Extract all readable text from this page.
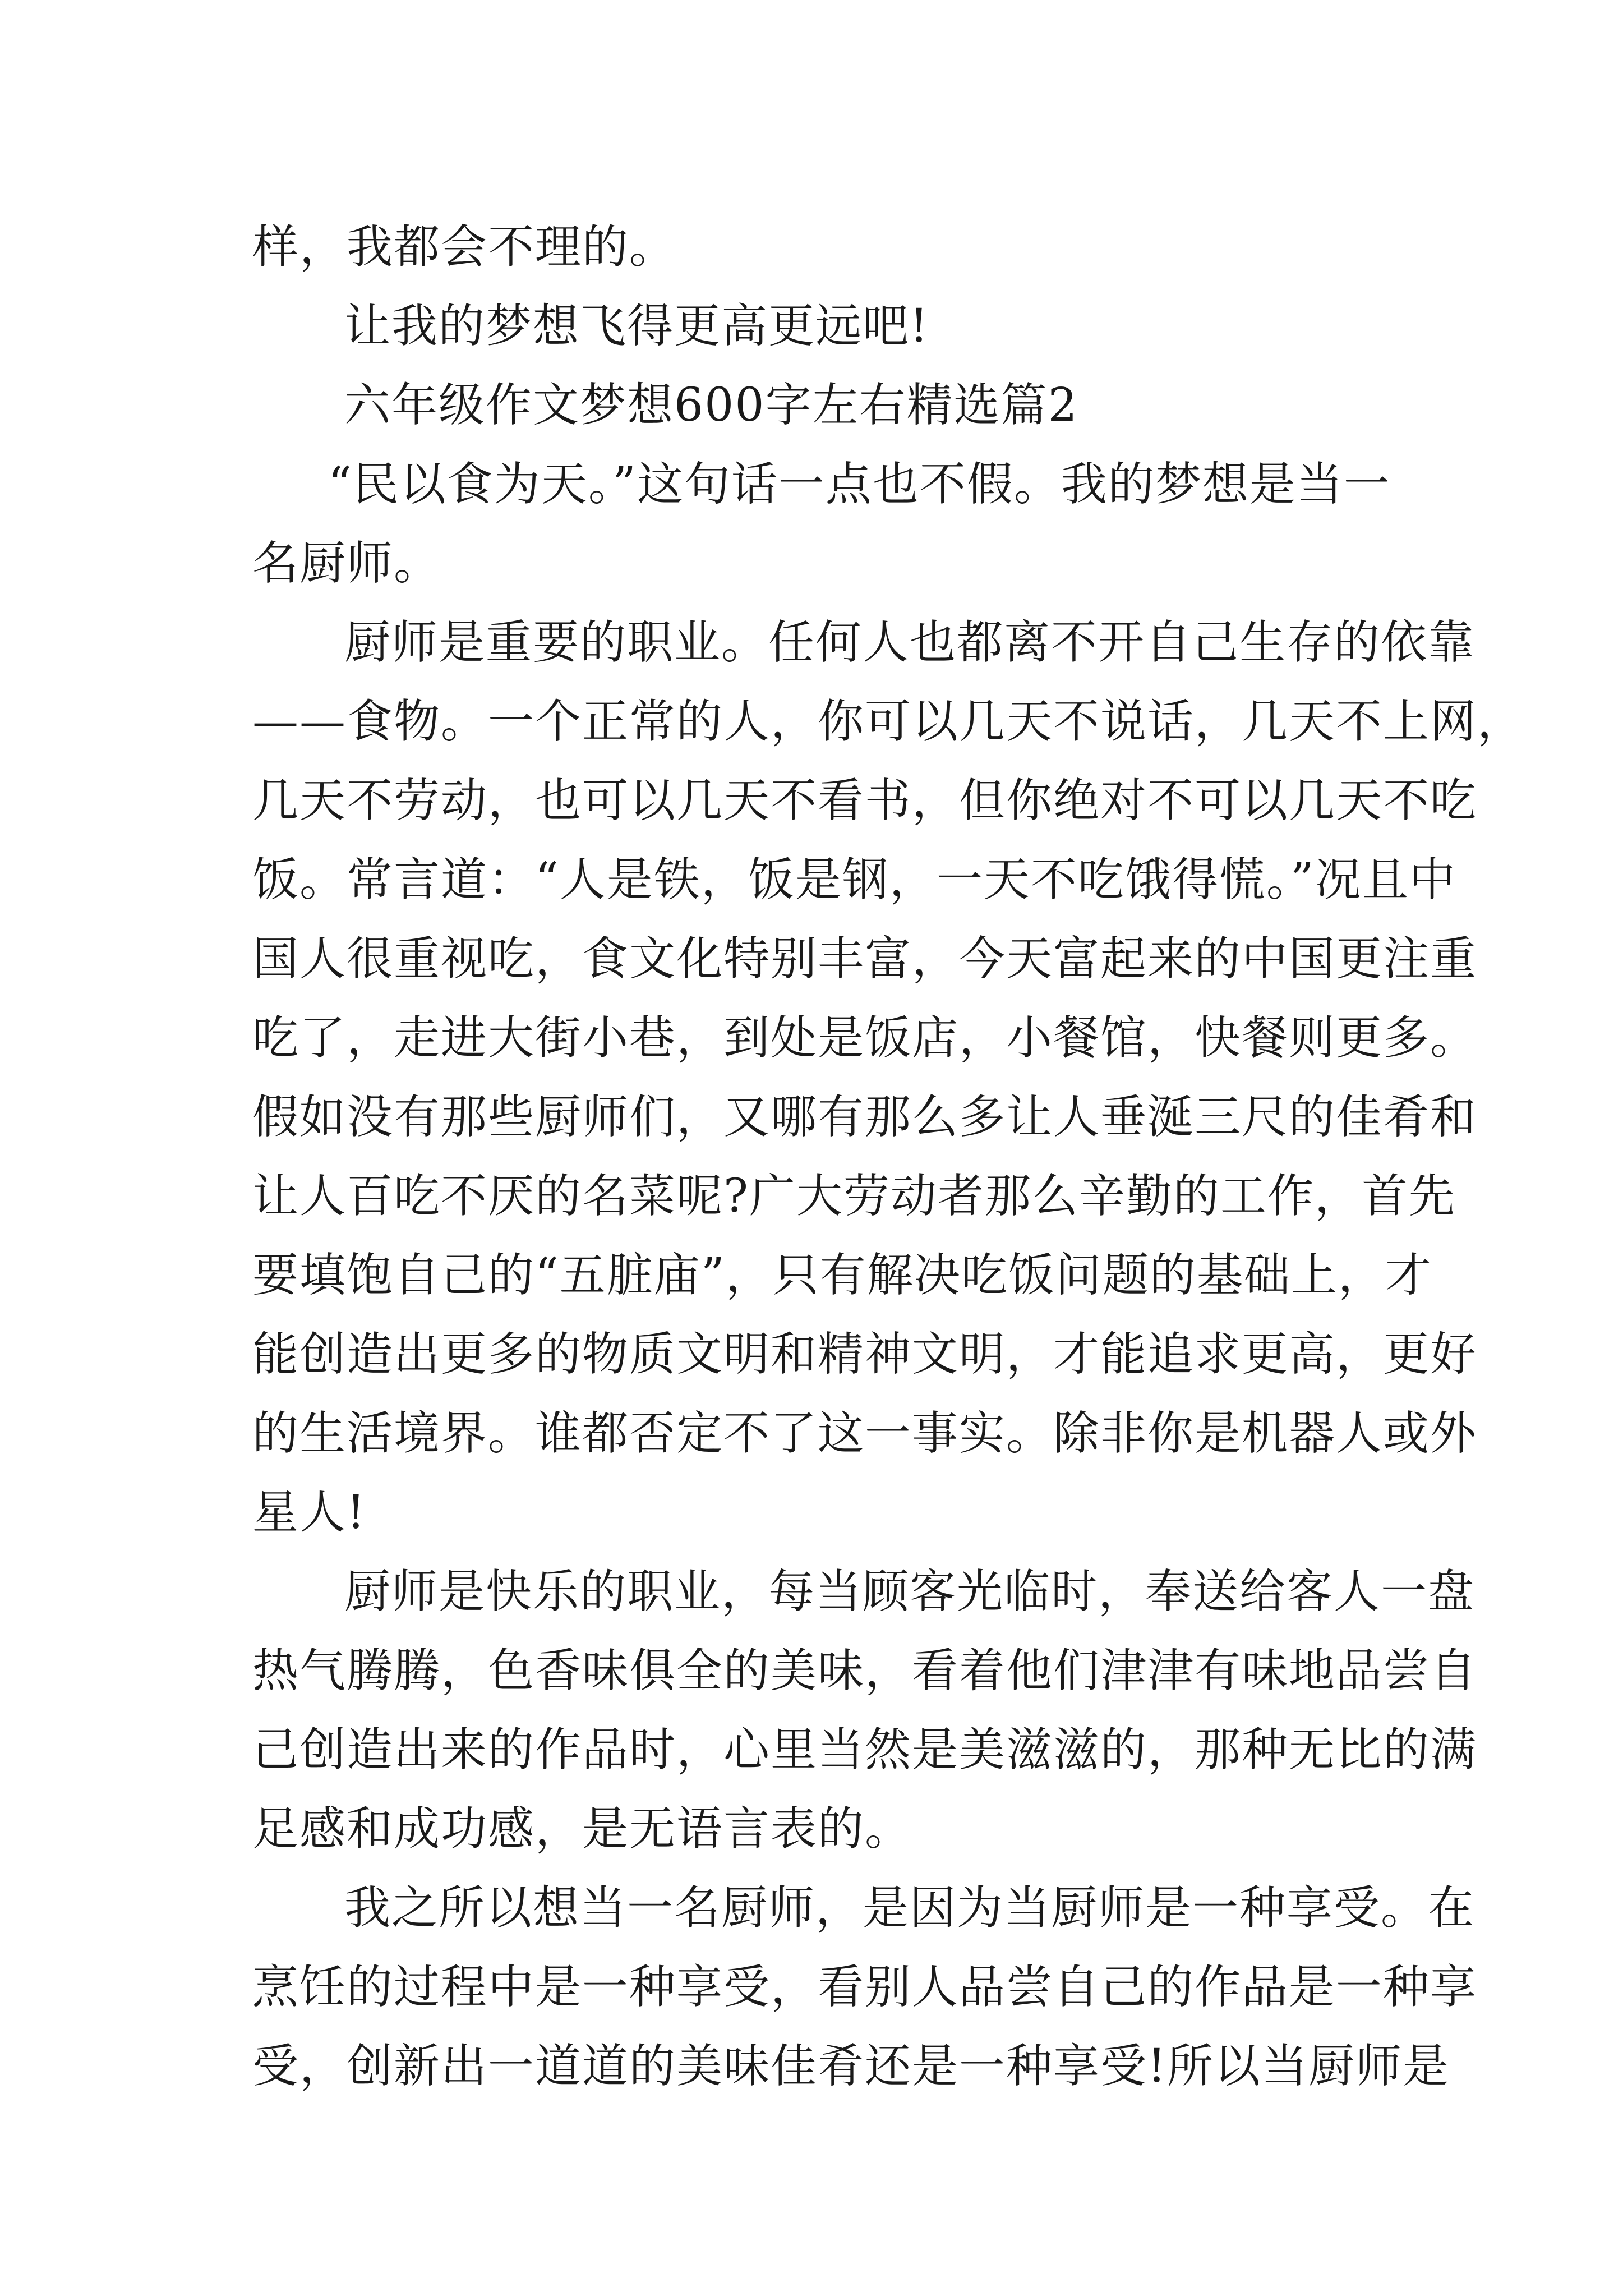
样，我都会不理的。
让我的梦想飞得更高更远吧!
六年级作文梦想600字左右精选篇2
“民以食为天。”这句话一点也不假。我的梦想是当一
名厨师。
厨师是重要的职业。任何人也都离不开自己生存的依靠
——食物。一个正常的人，你可以几天不说话，几天不上网，
几天不劳动，也可以几天不看书，但你绝对不可以几天不吃
饭。常言道：“人是铁，饭是钢，一天不吃饿得慌。”况且中
国人很重视吃，食文化特别丰富，今天富起来的中国更注重
吃了，走进大街小巷，到处是饭店，小餐馆，快餐则更多。
假如没有那些厨师们，又哪有那么多让人垂涎三尺的佳肴和
让人百吃不厌的名菜呢?广大劳动者那么辛勤的工作，首先
要填饱自己的“五脏庙”，只有解决吃饭问题的基础上，才
能创造出更多的物质文明和精神文明，才能追求更高，更好
的生活境界。谁都否定不了这一事实。除非你是机器人或外
星人!
厨师是快乐的职业，每当顾客光临时，奉送给客人一盘
热气腾腾，色香味俱全的美味，看着他们津津有味地品尝自
己创造出来的作品时，心里当然是美滋滋的，那种无比的满
足感和成功感，是无语言表的。
我之所以想当一名厨师，是因为当厨师是一种享受。在
烹饪的过程中是一种享受，看别人品尝自己的作品是一种享
受，创新出一道道的美味佳肴还是一种享受!所以当厨师是
